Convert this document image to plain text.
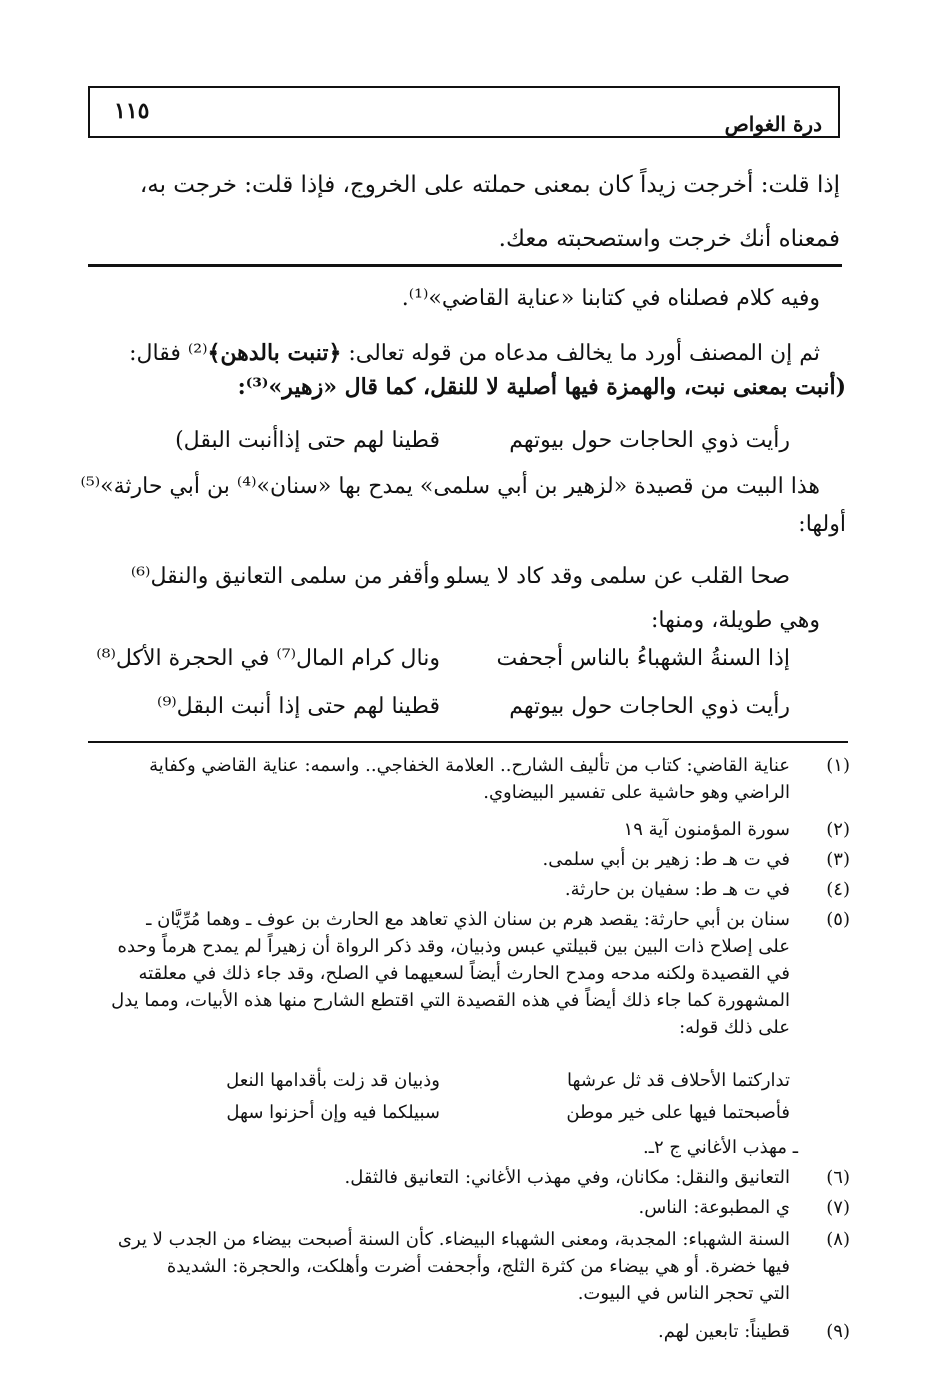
درة الغواص
١١٥
إذا قلت: أخرجت زيداً كان بمعنى حملته على الخروج، فإذا قلت: خرجت به،
فمعناه أنك خرجت واستصحبته معك.
وفيه كلام فصلناه في كتابنا «عناية القاضي»⁽¹⁾.
ثم إن المصنف أورد ما يخالف مدعاه من قوله تعالى: ﴿تنبت بالدهن﴾⁽²⁾ فقال:
(أنبت بمعنى نبت، والهمزة فيها أصلية لا للنقل، كما قال «زهير»⁽³⁾:
رأيت ذوي الحاجات حول بيوتهم
قطينا لهم حتى إذاأنبت البقل)
هذا البيت من قصيدة «لزهير بن أبي سلمى» يمدح بها «سنان»⁽⁴⁾ بن أبي حارثة»⁽⁵⁾
أولها:
صحا القلب عن سلمى وقد كاد لا يسلو
وأقفر من سلمى التعانيق والنقل⁽⁶⁾
وهي طويلة، ومنها:
إذا السنةُ الشهباءُ بالناس أجحفت
ونال كرام المال⁽⁷⁾ في الحجرة الأكل⁽⁸⁾
رأيت ذوي الحاجات حول بيوتهم
قطينا لهم حتى إذا أنبت البقل⁽⁹⁾
(١)
عناية القاضي: كتاب من تأليف الشارح.. العلامة الخفاجي.. واسمه: عناية القاضي وكفاية
الراضي وهو حاشية على تفسير البيضاوي.
(٢)
سورة المؤمنون آية ١٩
(٣)
في ت هـ ط: زهير بن أبي سلمى.
(٤)
في ت هـ ط: سفيان بن حارثة.
(٥)
سنان بن أبي حارثة: يقصد هرم بن سنان الذي تعاهد مع الحارث بن عوف ـ وهما مُرِّيَّان ـ
على إصلاح ذات البين بين قبيلتي عبس وذبيان، وقد ذكر الرواة أن زهيراً لم يمدح هرماً وحده
في القصيدة ولكنه مدحه ومدح الحارث أيضاً لسعيهما في الصلح، وقد جاء ذلك في معلقته
المشهورة كما جاء ذلك أيضاً في هذه القصيدة التي اقتطع الشارح منها هذه الأبيات، ومما يدل
على ذلك قوله:
تداركتما الأحلاف قد ثل عرشها
وذبيان قد زلت بأقدامها النعل
فأصبحتما فيها على خير موطن
سبيلكما فيه وإن أحزنوا سهل
ـ مهذب الأغاني ج ٢ـ.
(٦)
التعانيق والنقل: مكانان، وفي مهذب الأغاني: التعانيق فالثقل.
(٧)
ي المطبوعة: الناس.
(٨)
السنة الشهباء: المجدبة، ومعنى الشهباء البيضاء. كأن السنة أصبحت بيضاء من الجدب لا يرى
فيها خضرة. أو هي بيضاء من كثرة الثلج، وأجحفت أضرت وأهلكت، والحجرة: الشديدة
التي تحجر الناس في البيوت.
(٩)
قطيناً: تابعين لهم.
